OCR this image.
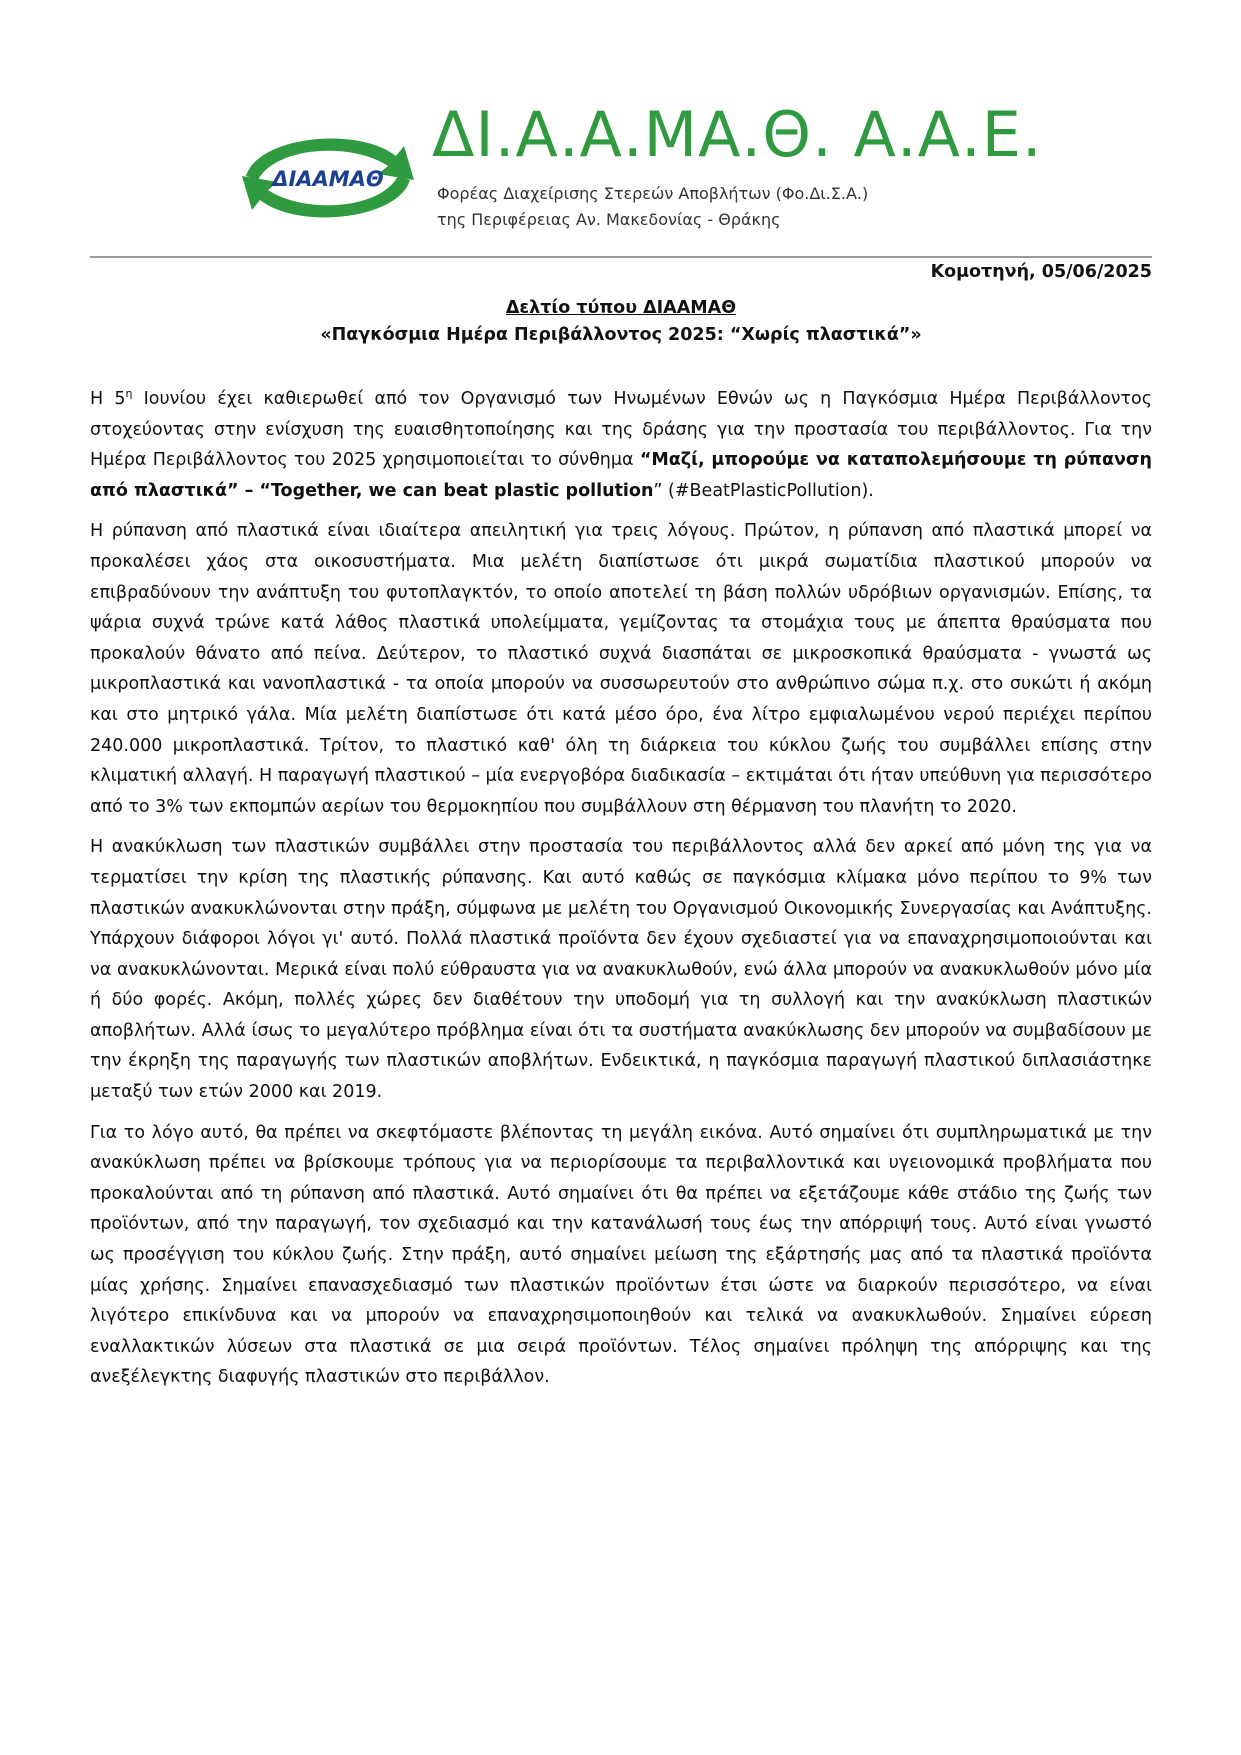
ΔΙΑΑΜΑΘ
ΔΙ.Α.Α.ΜΑ.Θ. Α.Α.Ε.
Φορέας Διαχείρισης Στερεών Αποβλήτων (Φο.Δι.Σ.Α.)
της Περιφέρειας Αν. Μακεδονίας - Θράκης
Κομοτηνή, 05/06/2025
Δελτίο τύπου ΔΙΑΑΜΑΘ
«Παγκόσμια Ημέρα Περιβάλλοντος 2025: “Χωρίς πλαστικά”»

Η $5^\eta$ Ιουνίου έχει καθιερωθεί από τον Οργανισμό των Ηνωμένων Εθνών ως η Παγκόσμια Ημέρα Περιβάλλοντος στοχεύοντας στην ενίσχυση της ευαισθητοποίησης και της δράσης για την προστασία του περιβάλλοντος. Για την Ημέρα Περιβάλλοντος του 2025 χρησιμοποιείται το σύνθημα “Μαζί, μπορούμε να καταπολεμήσουμε τη ρύπανση από πλαστικά” – “Together, we can beat plastic pollution” (#BeatPlasticPollution).

Η ρύπανση από πλαστικά είναι ιδιαίτερα απειλητική για τρεις λόγους. Πρώτον, η ρύπανση από πλαστικά μπορεί να προκαλέσει χάος στα οικοσυστήματα. Μια μελέτη διαπίστωσε ότι μικρά σωματίδια πλαστικού μπορούν να επιβραδύνουν την ανάπτυξη του φυτοπλαγκτόν, το οποίο αποτελεί τη βάση πολλών υδρόβιων οργανισμών. Επίσης, τα ψάρια συχνά τρώνε κατά λάθος πλαστικά υπολείμματα, γεμίζοντας τα στομάχια τους με άπεπτα θραύσματα που προκαλούν θάνατο από πείνα. Δεύτερον, το πλαστικό συχνά διασπάται σε μικροσκοπικά θραύσματα - γνωστά ως μικροπλαστικά και νανοπλαστικά - τα οποία μπορούν να συσσωρευτούν στο ανθρώπινο σώμα π.χ. στο συκώτι ή ακόμη και στο μητρικό γάλα. Μία μελέτη διαπίστωσε ότι κατά μέσο όρο, ένα λίτρο εμφιαλωμένου νερού περιέχει περίπου 240.000 μικροπλαστικά. Τρίτον, το πλαστικό καθ' όλη τη διάρκεια του κύκλου ζωής του συμβάλλει επίσης στην κλιματική αλλαγή. Η παραγωγή πλαστικού – μία ενεργοβόρα διαδικασία – εκτιμάται ότι ήταν υπεύθυνη για περισσότερο από το 3% των εκπομπών αερίων του θερμοκηπίου που συμβάλλουν στη θέρμανση του πλανήτη το 2020.

Η ανακύκλωση των πλαστικών συμβάλλει στην προστασία του περιβάλλοντος αλλά δεν αρκεί από μόνη της για να τερματίσει την κρίση της πλαστικής ρύπανσης. Και αυτό καθώς σε παγκόσμια κλίμακα μόνο περίπου το 9% των πλαστικών ανακυκλώνονται στην πράξη, σύμφωνα με μελέτη του Οργανισμού Οικονομικής Συνεργασίας και Ανάπτυξης. Υπάρχουν διάφοροι λόγοι γι' αυτό. Πολλά πλαστικά προϊόντα δεν έχουν σχεδιαστεί για να επαναχρησιμοποιούνται και να ανακυκλώνονται. Μερικά είναι πολύ εύθραυστα για να ανακυκλωθούν, ενώ άλλα μπορούν να ανακυκλωθούν μόνο μία ή δύο φορές. Ακόμη, πολλές χώρες δεν διαθέτουν την υποδομή για τη συλλογή και την ανακύκλωση πλαστικών αποβλήτων. Αλλά ίσως το μεγαλύτερο πρόβλημα είναι ότι τα συστήματα ανακύκλωσης δεν μπορούν να συμβαδίσουν με την έκρηξη της παραγωγής των πλαστικών αποβλήτων. Ενδεικτικά, η παγκόσμια παραγωγή πλαστικού διπλασιάστηκε μεταξύ των ετών 2000 και 2019.

Για το λόγο αυτό, θα πρέπει να σκεφτόμαστε βλέποντας τη μεγάλη εικόνα. Αυτό σημαίνει ότι συμπληρωματικά με την ανακύκλωση πρέπει να βρίσκουμε τρόπους για να περιορίσουμε τα περιβαλλοντικά και υγειονομικά προβλήματα που προκαλούνται από τη ρύπανση από πλαστικά. Αυτό σημαίνει ότι θα πρέπει να εξετάζουμε κάθε στάδιο της ζωής των προϊόντων, από την παραγωγή, τον σχεδιασμό και την κατανάλωσή τους έως την απόρριψή τους. Αυτό είναι γνωστό ως προσέγγιση του κύκλου ζωής. Στην πράξη, αυτό σημαίνει μείωση της εξάρτησής μας από τα πλαστικά προϊόντα μίας χρήσης. Σημαίνει επανασχεδιασμό των πλαστικών προϊόντων έτσι ώστε να διαρκούν περισσότερο, να είναι λιγότερο επικίνδυνα και να μπορούν να επαναχρησιμοποιηθούν και τελικά να ανακυκλωθούν. Σημαίνει εύρεση εναλλακτικών λύσεων στα πλαστικά σε μια σειρά προϊόντων. Τέλος σημαίνει πρόληψη της απόρριψης και της ανεξέλεγκτης διαφυγής πλαστικών στο περιβάλλον.
